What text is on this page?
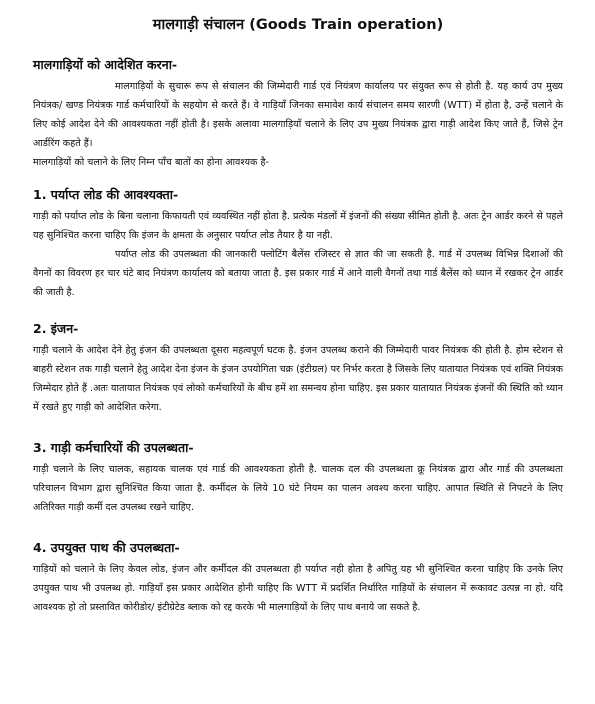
मालगाड़ी संचालन (Goods Train operation)
मालगाड़ियों को आदेशित करना-

मालगाड़ियों के सुचारू रूप से संचालन की जिम्मेदारी गार्ड एवं नियंत्रण कार्यालय पर संयुक्त रूप से होती है. यह कार्य उप मुख्य नियंत्रक/ खण्ड नियंत्रक गार्ड कर्मचारियों के सहयोग से करते हैं। वे गाड़ियाँ जिनका समावेश कार्य संचालन समय सारणी (WTT) में होता है, उन्हें चलाने के लिए कोई आदेश देने की आवश्यकता नहीं होती है। इसके अलावा मालगाड़ियाँ चलाने के लिए उप मुख्य नियंत्रक द्वारा गाड़ी आदेश किए जाते हैं, जिसे ट्रेन आर्डरिंग कहते हैं।

मालगाड़ियों को चलाने के लिए निम्न पाँच बातों का होना आवश्यक है-

1. पर्याप्त लोड की आवश्यक्ता-

गाड़ी को पर्याप्त लोड के बिना चलाना किफायती एवं व्यवस्थित नहीं होता है. प्रत्येक मंडलों में इंजनों की संख्या सीमित होती है. अतः ट्रेन आर्डर करने से पहले यह सुनिश्चित करना चाहिए कि इंजन के क्षमता के अनुसार पर्याप्त लोड तैयार है या नही.

पर्याप्त लोड की उपलब्धता की जानकारी फ्लोटिंग बैलेंस रजिस्टर से ज्ञात की जा सकती है. गार्ड में उपलब्ध विभिन्न दिशाओं की वैगनों का विवरण हर चार घंटे बाद नियंत्रण कार्यालय को बताया जाता है. इस प्रकार गार्ड में आने वाली वैगनों तथा गार्ड बैलेंस को ध्यान में रखकर ट्रेन आर्डर की जाती है.

2. इंजन-

गाड़ी चलाने के आदेश देने हेतु इंजन की उपलब्धता दूसरा महत्वपूर्ण घटक है. इंजन उपलब्ध कराने की जिम्मेदारी पावर नियंत्रक की होती है. होम स्टेशन से बाहरी स्टेशन तक गाड़ी चलाने हेतु आदेश देना इंजन के इंजन उपयोगिता चक्र (इंटीग्रल) पर निर्भर करता है जिसके लिए यातायात नियंत्रक एवं शक्ति नियंत्रक जिम्मेदार होते हैं .अतः यातायात नियंत्रक एवं लोको कर्मचारियों के बीच हमें शा समन्वय होना चाहिए. इस प्रकार यातायात नियंत्रक इंजनों की स्थिति को ध्यान में रखते हुए गाड़ी को आदेशित करेगा.

3. गाड़ी कर्मचारियों की उपलब्धता-

गाड़ी चलाने के लिए चालक, सहायक चालक एवं गार्ड की आवश्यकता होती है. चालक दल की उपलब्धता क्रू नियंत्रक द्वारा और गार्ड की उपलब्धता परिचालन विभाग द्वारा सुनिश्चित किया जाता है. कर्मीदल के लिये 10 घंटे नियम का पालन अवश्य करना चाहिए. आपात स्थिति से निपटने के लिए अतिरिक्त गाड़ी कर्मी दल उपलब्ध रखने चाहिए.

4. उपयुक्त पाथ की उपलब्धता-

गाड़ियों को चलाने के लिए केवल लोड, इंजन और कर्मीदल की उपलब्धता ही पर्याप्त नही होता है अपितु यह भी सुनिश्चित करना चाहिए कि उनके लिए उपयुक्त पाथ भी उपलब्ध हो. गाड़ियाँ इस प्रकार आदेशित होनी चाहिए कि WTT में प्रदर्शित निर्धारित गाड़ियों के संचालन में रूकावट उत्पन्न ना हो. यदि आवश्यक हो तो प्रस्तावित कोरीडोर/ इंटीग्रेटेड ब्लाक को रद्द करके भी मालगाड़ियों के लिए पाथ बनाये जा सकते है.
